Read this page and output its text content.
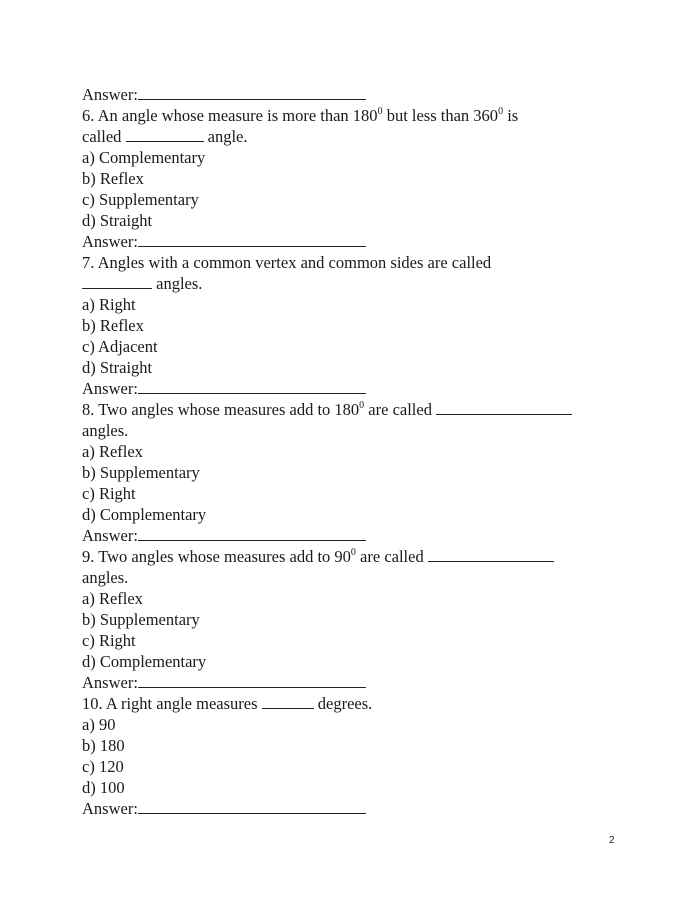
Answer:
6. An angle whose measure is more than $180^0$ but less than $360^0$ is
called	angle.
a) Complementary
b) Reflex
c) Supplementary
d) Straight
Answer:
7. Angles with a common vertex and common sides are called
angles.
a) Right
b) Reflex
c) Adjacent
d) Straight
Answer:
8. Two angles whose measures add to $180^0$ are called
angles.
a) Reflex
b) Supplementary
c) Right
d) Complementary
Answer:
9. Two angles whose measures add to $90^0$ are called
angles.
a) Reflex
b) Supplementary
c) Right
d) Complementary
Answer:
10. A right angle measures	degrees.
a) 90
b) 180
c) 120
d) 100
Answer:
2
